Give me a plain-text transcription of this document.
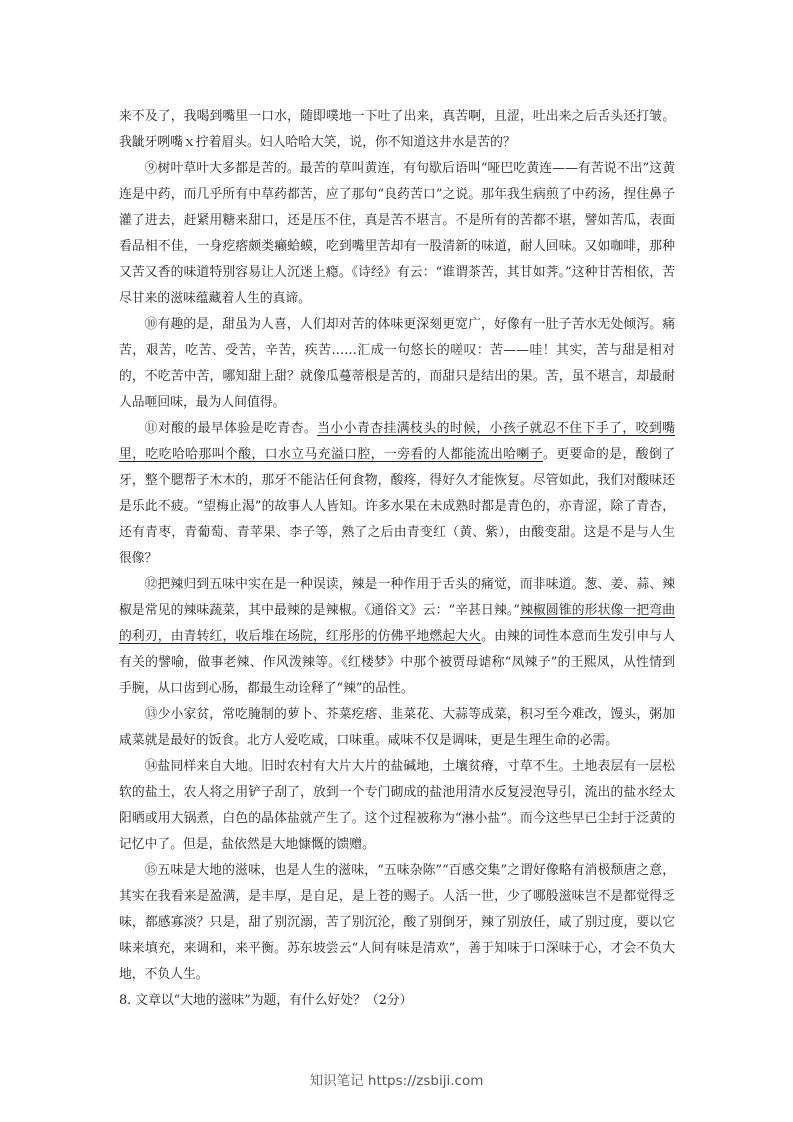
来不及了，我喝到嘴里一口水，随即噗地一下吐了出来，真苦啊，且涩，吐出来之后舌头还打皱。我龇牙咧嘴ｘ拧着眉头。妇人哈哈大笑，说，你不知道这井水是苦的？

⑨树叶草叶大多都是苦的。最苦的草叫黄连，有句歇后语叫“哑巴吃黄连——有苦说不出”这黄连是中药，而几乎所有中草药都苦，应了那句“良药苦口”之说。那年我生病煎了中药汤，捏住鼻子灌了进去，赶紧用糖来甜口，还是压不住，真是苦不堪言。不是所有的苦都不堪，譬如苦瓜，表面看品相不佳，一身疙瘩颇类癞蛤蟆，吃到嘴里苦却有一股清新的味道，耐人回味。又如咖啡，那种又苦又香的味道特别容易让人沉迷上瘾。《诗经》有云：“谁谓茶苦，其甘如荠。”这种甘苦相依，苦尽甘来的滋味蕴藏着人生的真谛。

⑩有趣的是，甜虽为人喜，人们却对苦的体味更深刻更宽广，好像有一肚子苦水无处倾泻。痛苦，艰苦，吃苦、受苦，辛苦，疾苦……汇成一句悠长的嗟叹：苦——哇！其实，苦与甜是相对的，不吃苦中苦，哪知甜上甜？就像瓜蔓蒂根是苦的，而甜只是结出的果。苦，虽不堪言，却最耐人品咂回味，最为人间值得。

⑪对酸的最早体验是吃青杏。当小小青杏挂满枝头的时候，小孩子就忍不住下手了，咬到嘴里，吃吃哈哈那叫个酸，口水立马充溢口腔，一旁看的人都能流出哈喇子。更要命的是，酸倒了牙，整个腮帮子木木的，那牙不能沾任何食物，酸疼，得好久才能恢复。尽管如此，我们对酸味还是乐此不疲。“望梅止渴”的故事人人皆知。许多水果在未成熟时都是青色的，亦青涩，除了青杏，还有青枣，青葡萄、青苹果、李子等，熟了之后由青变红（黄、紫），由酸变甜。这是不是与人生很像？

⑫把辣归到五味中实在是一种误读，辣是一种作用于舌头的痛觉，而非味道。葱、姜、蒜、辣椒是常见的辣味蔬菜，其中最辣的是辣椒。《通俗文》云：“辛甚日辣。”辣椒圆锥的形状像一把弯曲的利刃，由青转红，收后堆在场院，红彤彤的仿佛平地燃起大火。由辣的词性本意而生发引申与人有关的譬喻，做事老辣、作风泼辣等。《红楼梦》中那个被贾母谑称“凤辣子”的王熙凤，从性情到手腕，从口齿到心肠，都最生动诠释了“辣”的品性。

⑬少小家贫，常吃腌制的萝卜、芥菜疙瘩、韭菜花、大蒜等成菜，积习至今难改，馒头，粥加咸菜就是最好的饭食。北方人爱吃咸，口味重。咸味不仅是调味，更是生理生命的必需。

⑭盐同样来自大地。旧时农村有大片大片的盐碱地，土壤贫瘠，寸草不生。土地表层有一层松软的盐土，农人将之用铲子刮了，放到一个专门砌成的盐池用清水反复浸泡导引，流出的盐水经太阳晒或用大锅煮，白色的晶体盐就产生了。这个过程被称为“淋小盐”。而今这些早已尘封于泛黄的记忆中了。但是，盐依然是大地慷慨的馈赠。

⑮五味是大地的滋味，也是人生的滋味，“五味杂陈”“百感交集”之谓好像略有消极颓唐之意，其实在我看来是盈满，是丰厚，是自足，是上苍的赐子。人活一世，少了哪般滋味岂不是都觉得乏味，都感寡淡？只是，甜了别沉溺，苦了别沉沦，酸了别倒牙，辣了别放任，咸了别过度，要以它味来填充，来调和，来平衡。苏东坡尝云“人间有味是清欢”，善于知味于口深味于心，才会不负大地，不负人生。

8. 文章以“大地的滋味”为题，有什么好处？（2分）

知识笔记 https://zsbiji.com
